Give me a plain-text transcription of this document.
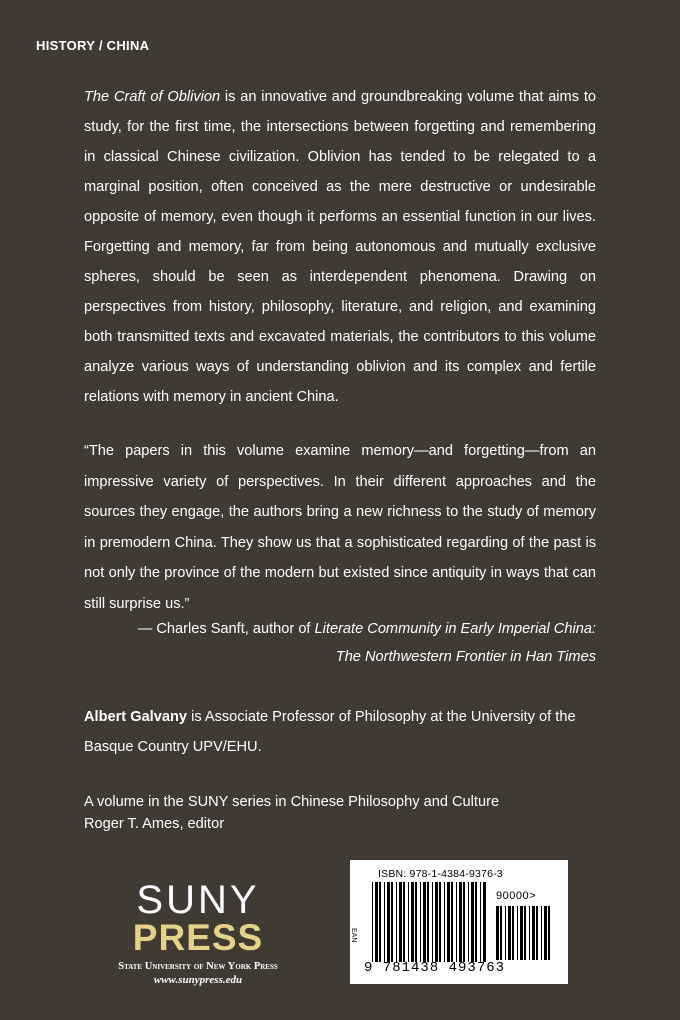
HISTORY / CHINA

The Craft of Oblivion is an innovative and groundbreaking volume that aims to study, for the first time, the intersections between forgetting and remembering in classical Chinese civilization. Oblivion has tended to be relegated to a marginal position, often conceived as the mere destructive or undesirable opposite of memory, even though it performs an essential function in our lives. Forgetting and memory, far from being autonomous and mutually exclusive spheres, should be seen as interdependent phenomena. Drawing on perspectives from history, philosophy, literature, and religion, and examining both transmitted texts and excavated materials, the contributors to this volume analyze various ways of understanding oblivion and its complex and fertile relations with memory in ancient China.

“The papers in this volume examine memory—and forgetting—from an impressive variety of perspectives. In their different approaches and the sources they engage, the authors bring a new richness to the study of memory in premodern China. They show us that a sophisticated regarding of the past is not only the province of the modern but existed since antiquity in ways that can still surprise us.”

— Charles Sanft, author of Literate Community in Early Imperial China:
The Northwestern Frontier in Han Times

Albert Galvany is Associate Professor of Philosophy at the University of the Basque Country UPV/EHU.

A volume in the SUNY series in Chinese Philosophy and Culture
Roger T. Ames, editor
SUNY
PRESS
State University of New York Press
www.sunypress.edu
ISBN: 978-1-4384-9376-3
EAN
90000>
9 781438 493763
